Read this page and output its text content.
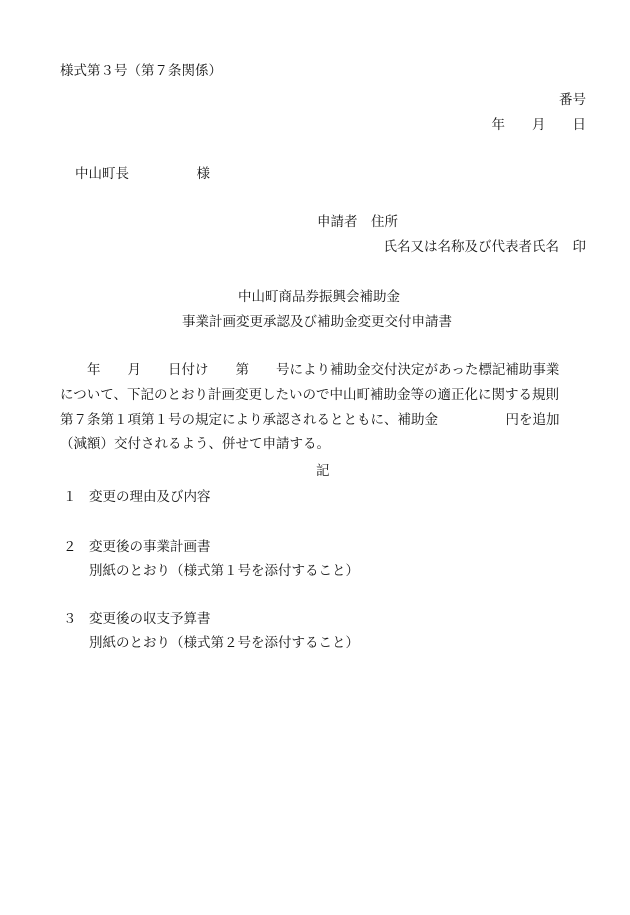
様式第３号（第７条関係）
番号
年　　月　　日
中山町長　　　　　様
申請者　住所
氏名又は名称及び代表者氏名　印
中山町商品券振興会補助金
事業計画変更承認及び補助金変更交付申請書
　　年　　月　　日付け　　第　　号により補助金交付決定があった標記補助事業
について、下記のとおり計画変更したいので中山町補助金等の適正化に関する規則
第７条第１項第１号の規定により承認されるとともに、補助金　　　　　円を追加
（減額）交付されるよう、併せて申請する。
記
１ 変更の理由及び内容
２ 変更後の事業計画書
別紙のとおり（様式第１号を添付すること）
３ 変更後の収支予算書
別紙のとおり（様式第２号を添付すること）
